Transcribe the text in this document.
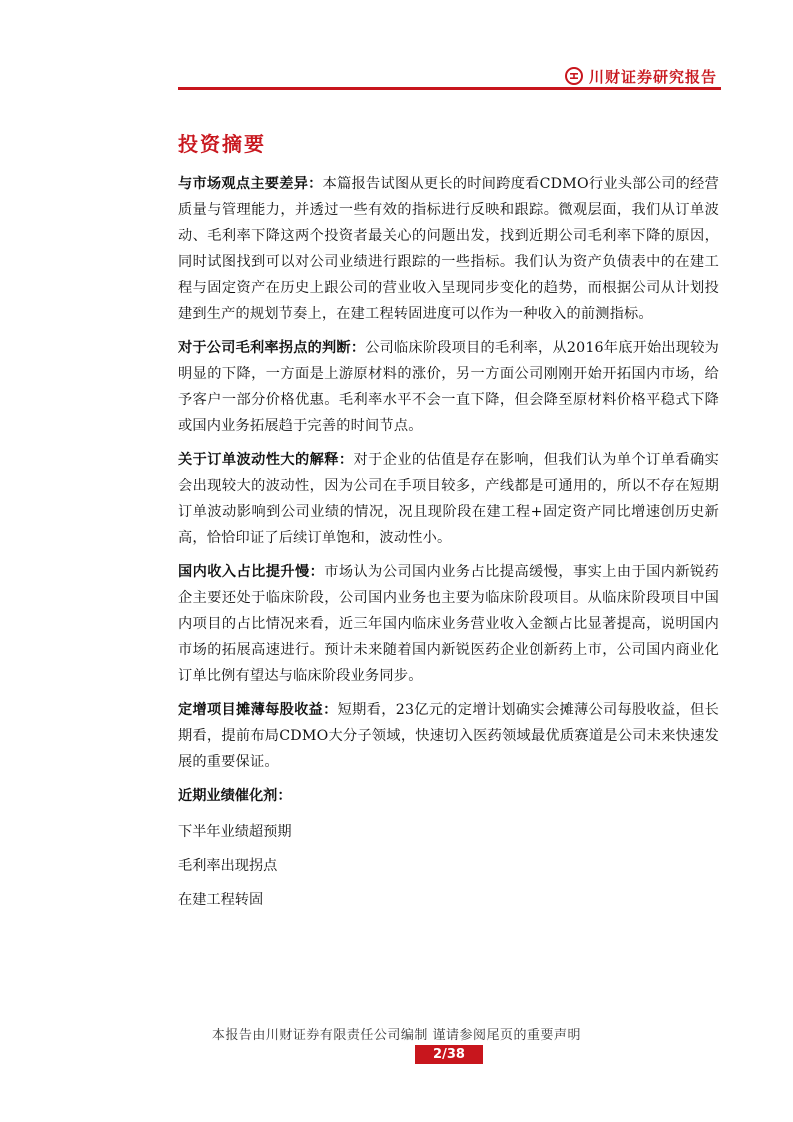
川财证券研究报告
投资摘要

与市场观点主要差异：本篇报告试图从更长的时间跨度看CDMO行业头部公司的经营质量与管理能力，并透过一些有效的指标进行反映和跟踪。微观层面，我们从订单波动、毛利率下降这两个投资者最关心的问题出发，找到近期公司毛利率下降的原因，同时试图找到可以对公司业绩进行跟踪的一些指标。我们认为资产负债表中的在建工程与固定资产在历史上跟公司的营业收入呈现同步变化的趋势，而根据公司从计划投建到生产的规划节奏上，在建工程转固进度可以作为一种收入的前测指标。

对于公司毛利率拐点的判断：公司临床阶段项目的毛利率，从2016年底开始出现较为明显的下降，一方面是上游原材料的涨价，另一方面公司刚刚开始开拓国内市场，给予客户一部分价格优惠。毛利率水平不会一直下降，但会降至原材料价格平稳式下降或国内业务拓展趋于完善的时间节点。

关于订单波动性大的解释：对于企业的估值是存在影响，但我们认为单个订单看确实会出现较大的波动性，因为公司在手项目较多，产线都是可通用的，所以不存在短期订单波动影响到公司业绩的情况，况且现阶段在建工程+固定资产同比增速创历史新高，恰恰印证了后续订单饱和，波动性小。

国内收入占比提升慢：市场认为公司国内业务占比提高缓慢，事实上由于国内新锐药企主要还处于临床阶段，公司国内业务也主要为临床阶段项目。从临床阶段项目中国内项目的占比情况来看，近三年国内临床业务营业收入金额占比显著提高，说明国内市场的拓展高速进行。预计未来随着国内新锐医药企业创新药上市，公司国内商业化订单比例有望达与临床阶段业务同步。

定增项目摊薄每股收益：短期看，23亿元的定增计划确实会摊薄公司每股收益，但长期看，提前布局CDMO大分子领域，快速切入医药领域最优质赛道是公司未来快速发展的重要保证。

近期业绩催化剂：
下半年业绩超预期
毛利率出现拐点
在建工程转固
本报告由川财证券有限责任公司编制 谨请参阅尾页的重要声明
2/38
